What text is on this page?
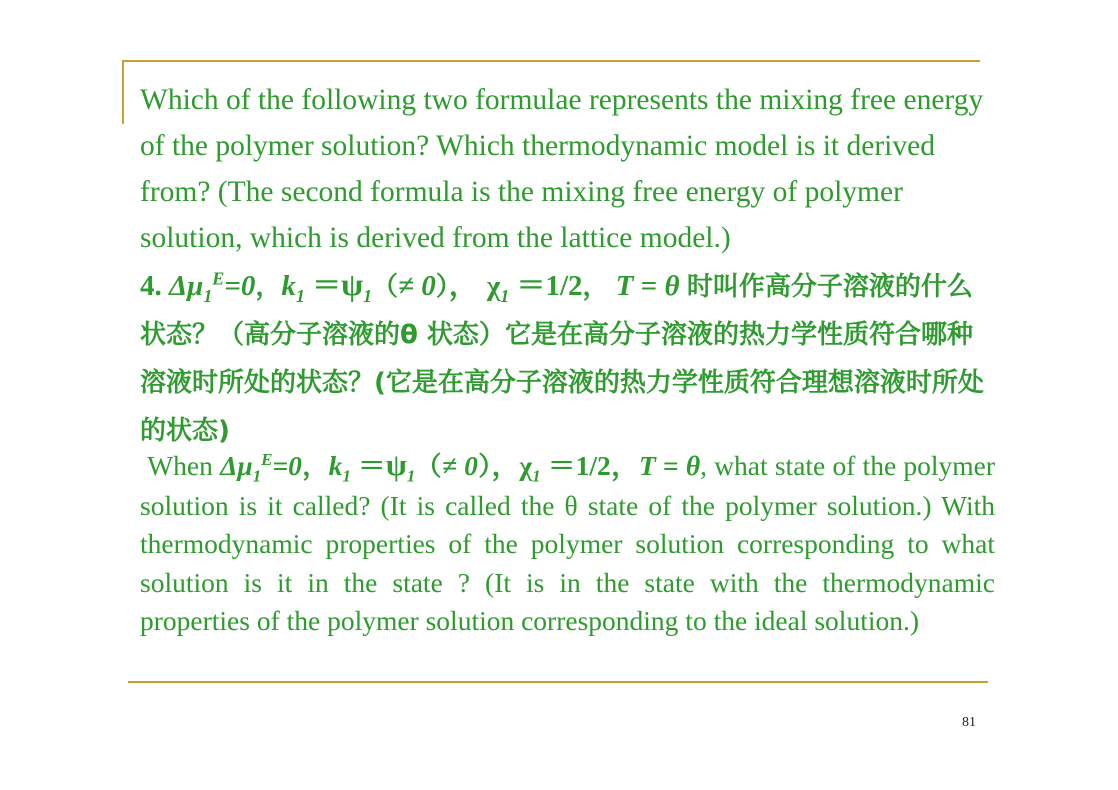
Which of the following two formulae represents the mixing free energy of the polymer solution? Which thermodynamic model is it derived from? (The second formula is the mixing free energy of polymer solution, which is derived from the lattice model.)

4. $\Delta\mu_1^E=0$，$k_1 =\psi_1(\ne 0)$， $\chi_1 =1/2$， T = θ 时叫作高分子溶液的什么状态？（高分子溶液的θ 状态）它是在高分子溶液的热力学性质符合哪种溶液时所处的状态？(它是在高分子溶液的热力学性质符合理想溶液时所处的状态)

When $\Delta\mu_1^E=0$，$k_1 =\psi_1(\ne 0)$，$\chi_1 =1/2$，T = θ, what state of the polymer solution is it called? (It is called the θ state of the polymer solution.) With thermodynamic properties of the polymer solution corresponding to what solution is it in the state ? (It is in the state with the thermodynamic properties of the polymer solution corresponding to the ideal solution.)

81
